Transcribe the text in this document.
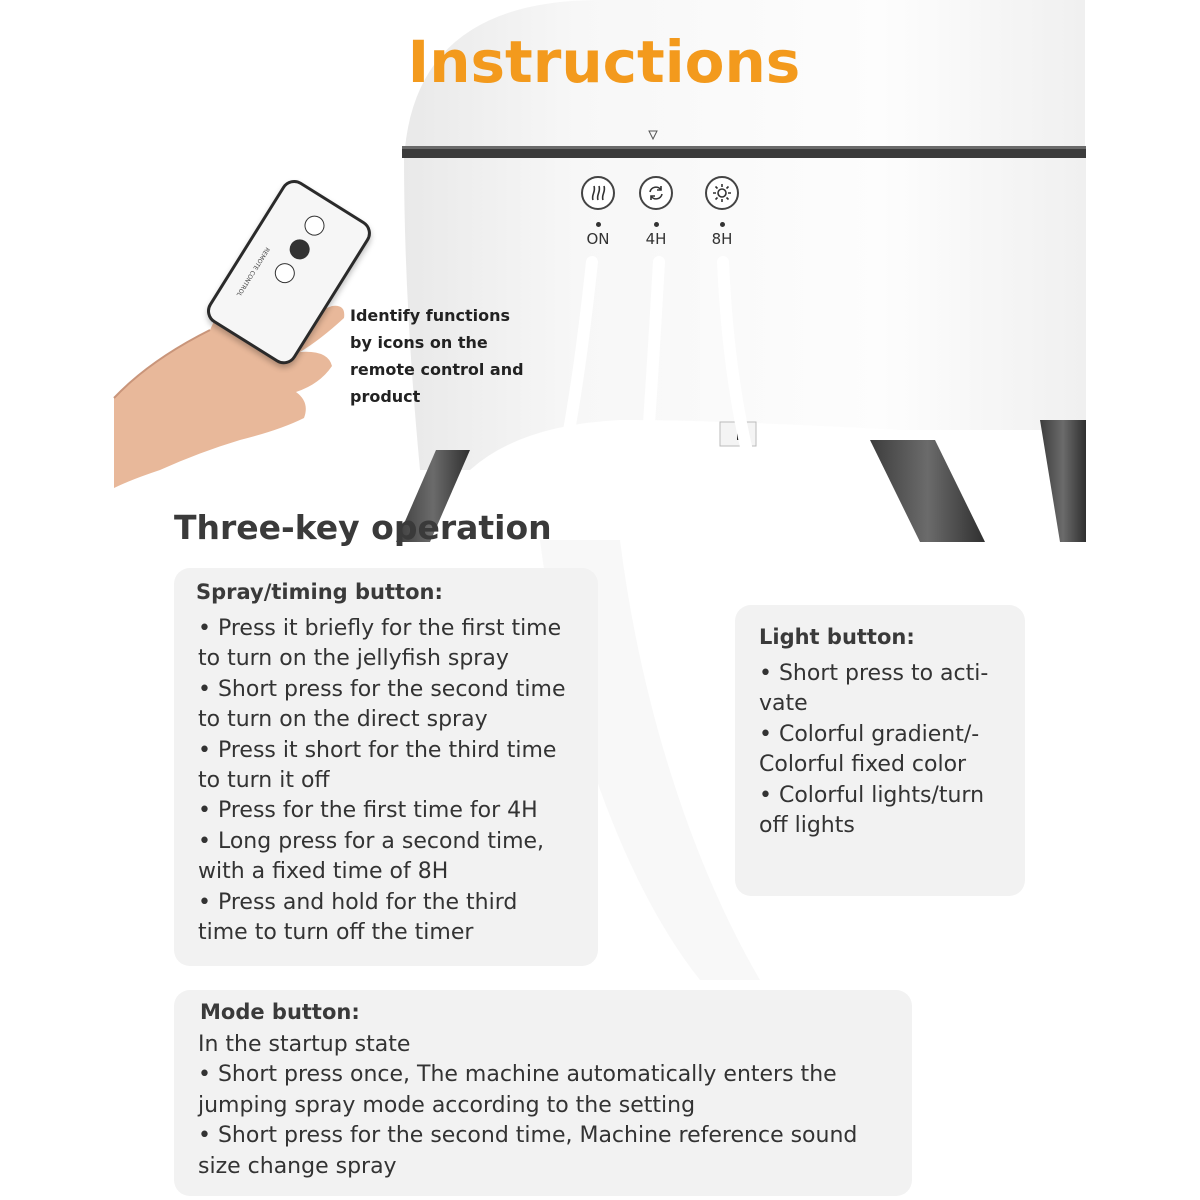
REMOTE CONTROL
Instructions
ON	4H	8H
Identify functions
by icons on the
remote control and
product
Three-key operation
Spray/timing button:
• Press it briefly for the first time
to turn on the jellyfish spray
• Short press for the second time
to turn on the direct spray
• Press it short for the third time
to turn it off
• Press for the first time for 4H
• Long press for a second time,
with a fixed time of 8H
• Press and hold for the third
time to turn off the timer
Light button:
• Short press to acti-
vate
• Colorful gradient/-
Colorful fixed color
• Colorful lights/turn
off lights
Mode button:
In the startup state
• Short press once, The machine automatically enters the
jumping spray mode according to the setting
• Short press for the second time, Machine reference sound
size change spray
